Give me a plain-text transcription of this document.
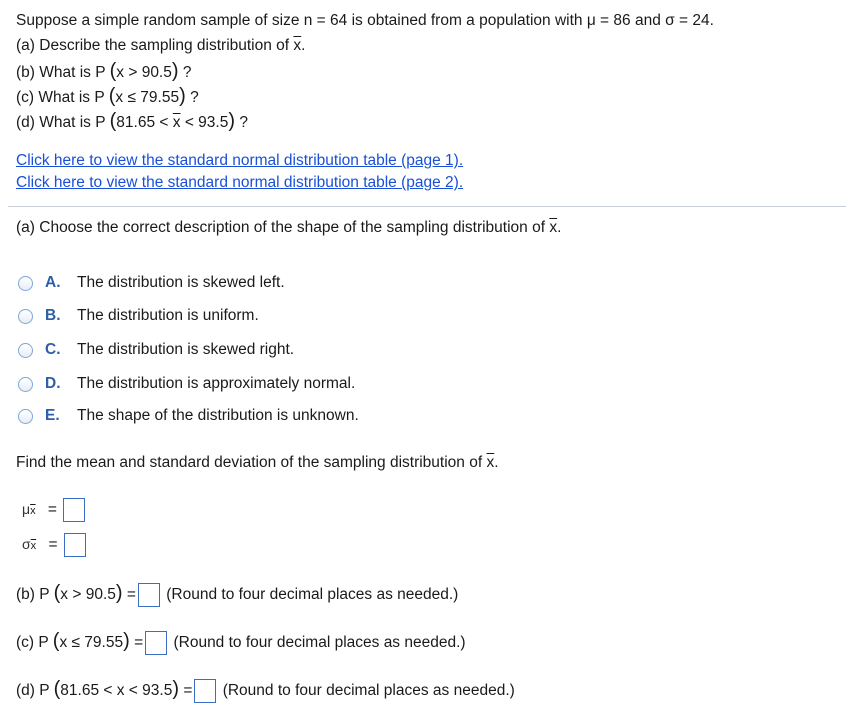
Suppose a simple random sample of size n = 64 is obtained from a population with μ = 86 and σ = 24.
(a) Describe the sampling distribution of $\overline{x}$.
(b) What is P (x > 90.5) ?
(c) What is P (x ≤ 79.55) ?
(d) What is P $(81.65 < \overline{x} < 93.5)$ ?
Click here to view the standard normal distribution table (page 1).
Click here to view the standard normal distribution table (page 2).
(a) Choose the correct description of the shape of the sampling distribution of $\overline{x}$.
A.	The distribution is skewed left.
B.	The distribution is uniform.
C.	The distribution is skewed right.
D.	The distribution is approximately normal.
E.	The shape of the distribution is unknown.
Find the mean and standard deviation of the sampling distribution of $\overline{x}$.
$\mu\overline{x}$ =
$\sigma\overline{x}$ =
(b) P (x > 90.5) = (Round to four decimal places as needed.)
(c) P (x ≤ 79.55) = (Round to four decimal places as needed.)
(d) P (81.65 < x < 93.5) = (Round to four decimal places as needed.)
